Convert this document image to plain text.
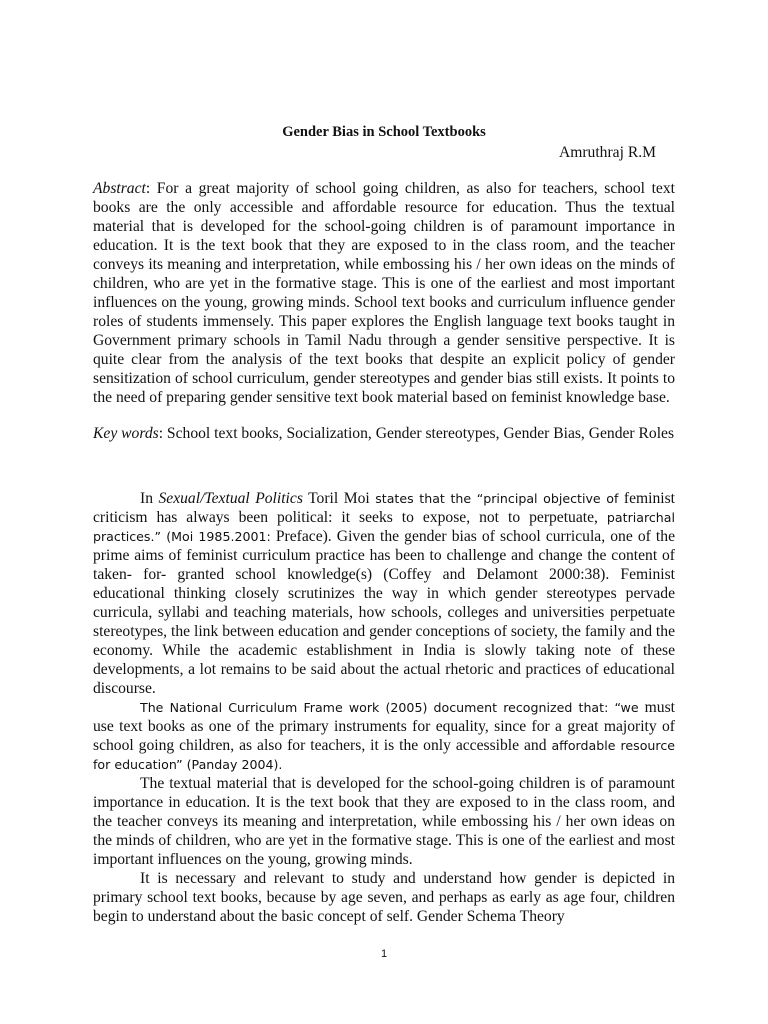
Gender Bias in School Textbooks
Amruthraj R.M

Abstract: For a great majority of school going children, as also for teachers, school text books are the only accessible and affordable resource for education. Thus the textual material that is developed for the school-going children is of paramount importance in education. It is the text book that they are exposed to in the class room, and the teacher conveys its meaning and interpretation, while embossing his / her own ideas on the minds of children, who are yet in the formative stage. This is one of the earliest and most important influences on the young, growing minds. School text books and curriculum influence gender roles of students immensely. This paper explores the English language text books taught in Government primary schools in Tamil Nadu through a gender sensitive perspective. It is quite clear from the analysis of the text books that despite an explicit policy of gender sensitization of school curriculum, gender stereotypes and gender bias still exists. It points to the need of preparing gender sensitive text book material based on feminist knowledge base.

Key words: School text books, Socialization, Gender stereotypes, Gender Bias, Gender Roles

In Sexual/Textual Politics Toril Moi states that the “principal objective of feminist criticism has always been political: it seeks to expose, not to perpetuate, patriarchal practices.” (Moi 1985.2001: Preface). Given the gender bias of school curricula, one of the prime aims of feminist curriculum practice has been to challenge and change the content of taken- for- granted school knowledge(s) (Coffey and Delamont 2000:38). Feminist educational thinking closely scrutinizes the way in which gender stereotypes pervade curricula, syllabi and teaching materials, how schools, colleges and universities perpetuate stereotypes, the link between education and gender conceptions of society, the family and the economy. While the academic establishment in India is slowly taking note of these developments, a lot remains to be said about the actual rhetoric and practices of educational discourse.

The National Curriculum Frame work (2005) document recognized that: “we must use text books as one of the primary instruments for equality, since for a great majority of school going children, as also for teachers, it is the only accessible and affordable resource for education” (Panday 2004).

The textual material that is developed for the school-going children is of paramount importance in education. It is the text book that they are exposed to in the class room, and the teacher conveys its meaning and interpretation, while embossing his / her own ideas on the minds of children, who are yet in the formative stage. This is one of the earliest and most important influences on the young, growing minds.

It is necessary and relevant to study and understand how gender is depicted in primary school text books, because by age seven, and perhaps as early as age four, children begin to understand about the basic concept of self. Gender Schema Theory

1
